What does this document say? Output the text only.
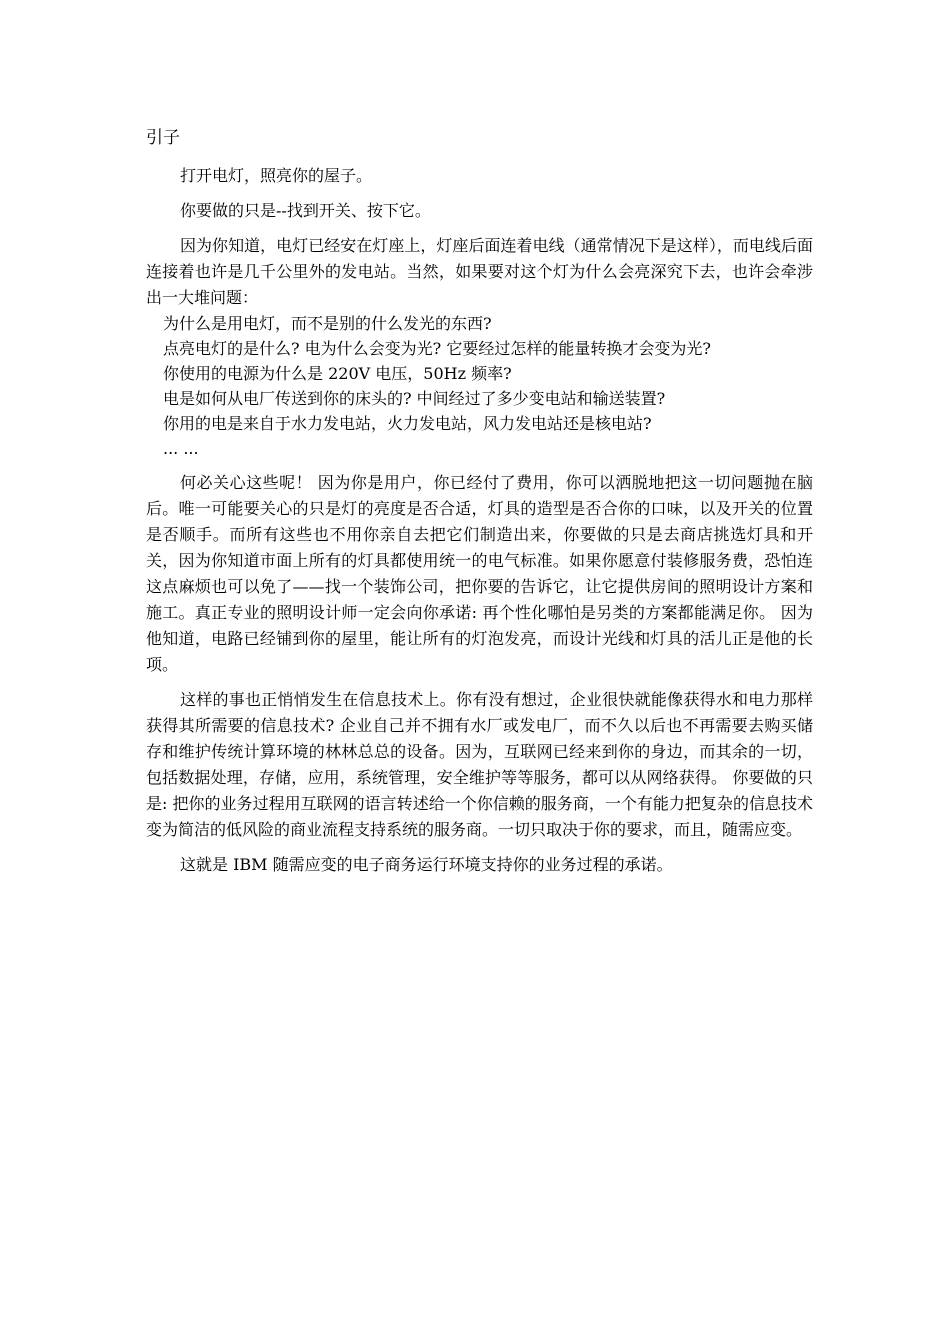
引子

打开电灯，照亮你的屋子。

你要做的只是--找到开关、按下它。

因为你知道，电灯已经安在灯座上，灯座后面连着电线（通常情况下是这样），而电线后面连接着也许是几千公里外的发电站。当然，如果要对这个灯为什么会亮深究下去，也许会牵涉出一大堆问题：

为什么是用电灯，而不是别的什么发光的东西?
点亮电灯的是什么? 电为什么会变为光? 它要经过怎样的能量转换才会变为光?
你使用的电源为什么是 220V 电压，50Hz 频率?
电是如何从电厂传送到你的床头的? 中间经过了多少变电站和输送装置?
你用的电是来自于水力发电站，火力发电站，风力发电站还是核电站?
... ...

何必关心这些呢！ 因为你是用户，你已经付了费用，你可以洒脱地把这一切问题抛在脑后。唯一可能要关心的只是灯的亮度是否合适，灯具的造型是否合你的口味，以及开关的位置是否顺手。而所有这些也不用你亲自去把它们制造出来，你要做的只是去商店挑选灯具和开关，因为你知道市面上所有的灯具都使用统一的电气标准。如果你愿意付装修服务费，恐怕连这点麻烦也可以免了——找一个装饰公司，把你要的告诉它，让它提供房间的照明设计方案和施工。真正专业的照明设计师一定会向你承诺: 再个性化哪怕是另类的方案都能满足你。 因为他知道，电路已经铺到你的屋里，能让所有的灯泡发亮，而设计光线和灯具的活儿正是他的长项。

这样的事也正悄悄发生在信息技术上。你有没有想过，企业很快就能像获得水和电力那样获得其所需要的信息技术? 企业自己并不拥有水厂或发电厂，而不久以后也不再需要去购买储存和维护传统计算环境的林林总总的设备。因为，互联网已经来到你的身边，而其余的一切，包括数据处理，存储，应用，系统管理，安全维护等等服务，都可以从网络获得。 你要做的只是: 把你的业务过程用互联网的语言转述给一个你信赖的服务商，一个有能力把复杂的信息技术变为简洁的低风险的商业流程支持系统的服务商。一切只取决于你的要求，而且，随需应变。

这就是 IBM 随需应变的电子商务运行环境支持你的业务过程的承诺。
